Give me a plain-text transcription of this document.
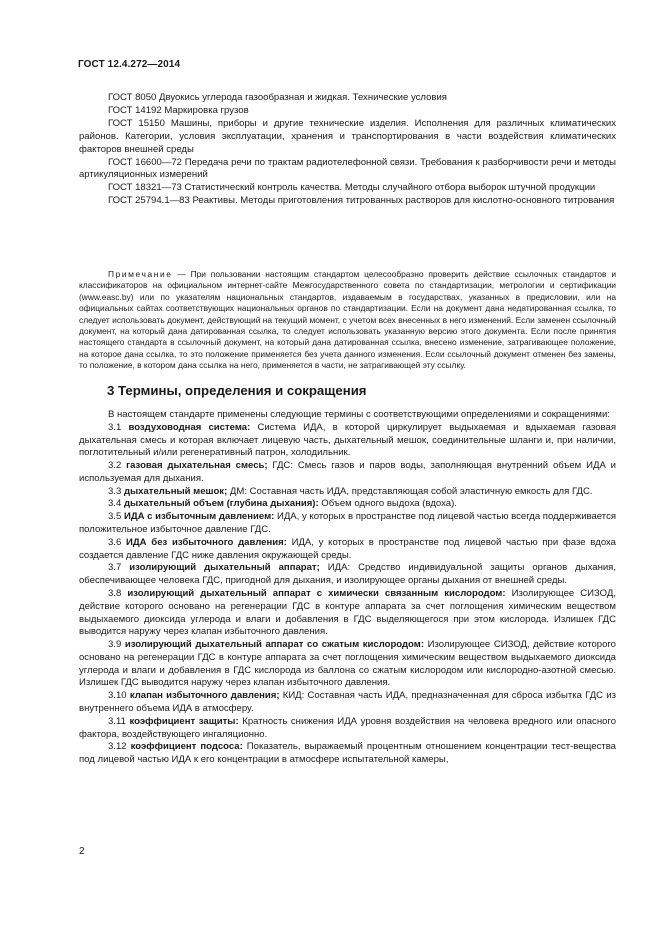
ГОСТ 12.4.272—2014

ГОСТ 8050 Двуокись углерода газообразная и жидкая. Технические условия

ГОСТ 14192 Маркировка грузов

ГОСТ 15150 Машины, приборы и другие технические изделия. Исполнения для различных климатических районов. Категории, условия эксплуатации, хранения и транспортирования в части воздействия климатических факторов внешней среды

ГОСТ 16600—72 Передача речи по трактам радиотелефонной связи. Требования к разборчивости речи и методы артикуляционных измерений

ГОСТ 18321—73 Статистический контроль качества. Методы случайного отбора выборок штучной продукции

ГОСТ 25794.1—83 Реактивы. Методы приготовления титрованных растворов для кислотно-основного титрования

Примечание — При пользовании настоящим стандартом целесообразно проверить действие ссылочных стандартов и классификаторов на официальном интернет-сайте Межгосударственного совета по стандартизации, метрологии и сертификации (www.easc.by) или по указателям национальных стандартов, издаваемым в государствах, указанных в предисловии, или на официальных сайтах соответствующих национальных органов по стандартизации. Если на документ дана недатированная ссылка, то следует использовать документ, действующий на текущий момент, с учетом всех внесенных в него изменений. Если заменен ссылочный документ, на который дана датированная ссылка, то следует использовать указанную версию этого документа. Если после принятия настоящего стандарта в ссылочный документ, на который дана датированная ссылка, внесено изменение, затрагивающее положение, на которое дана ссылка, то это положение применяется без учета данного изменения. Если ссылочный документ отменен без замены, то положение, в котором дана ссылка на него, применяется в части, не затрагивающей эту ссылку.

3 Термины, определения и сокращения

В настоящем стандарте применены следующие термины с соответствующими определениями и сокращениями:

3.1 воздуховодная система: Система ИДА, в которой циркулирует выдыхаемая и вдыхаемая газовая дыхательная смесь и которая включает лицевую часть, дыхательный мешок, соединительные шланги и, при наличии, поглотительный и/или регенеративный патрон, холодильник.

3.2 газовая дыхательная смесь; ГДС: Смесь газов и паров воды, заполняющая внутренний объем ИДА и используемая для дыхания.

3.3 дыхательный мешок; ДМ: Составная часть ИДА, представляющая собой эластичную емкость для ГДС.

3.4 дыхательный объем (глубина дыхания): Объем одного выдоха (вдоха).

3.5 ИДА с избыточным давлением: ИДА, у которых в пространстве под лицевой частью всегда поддерживается положительное избыточное давление ГДС.

3.6 ИДА без избыточного давления: ИДА, у которых в пространстве под лицевой частью при фазе вдоха создается давление ГДС ниже давления окружающей среды.

3.7 изолирующий дыхательный аппарат; ИДА: Средство индивидуальной защиты органов дыхания, обеспечивающее человека ГДС, пригодной для дыхания, и изолирующее органы дыхания от внешней среды.

3.8 изолирующий дыхательный аппарат с химически связанным кислородом: Изолирующее СИЗОД, действие которого основано на регенерации ГДС в контуре аппарата за счет поглощения химическим веществом выдыхаемого диоксида углерода и влаги и добавления в ГДС выделяющегося при этом кислорода. Излишек ГДС выводится наружу через клапан избыточного давления.

3.9 изолирующий дыхательный аппарат со сжатым кислородом: Изолирующее СИЗОД, действие которого основано на регенерации ГДС в контуре аппарата за счет поглощения химическим веществом выдыхаемого диоксида углерода и влаги и добавления в ГДС кислорода из баллона со сжатым кислородом или кислородно-азотной смесью. Излишек ГДС выводится наружу через клапан избыточного давления.

3.10 клапан избыточного давления; КИД: Составная часть ИДА, предназначенная для сброса избытка ГДС из внутреннего объема ИДА в атмосферу.

3.11 коэффициент защиты: Кратность снижения ИДА уровня воздействия на человека вредного или опасного фактора, воздействующего ингаляционно.

3.12 коэффициент подсоса: Показатель, выражаемый процентным отношением концентрации тест-вещества под лицевой частью ИДА к его концентрации в атмосфере испытательной камеры,

2
